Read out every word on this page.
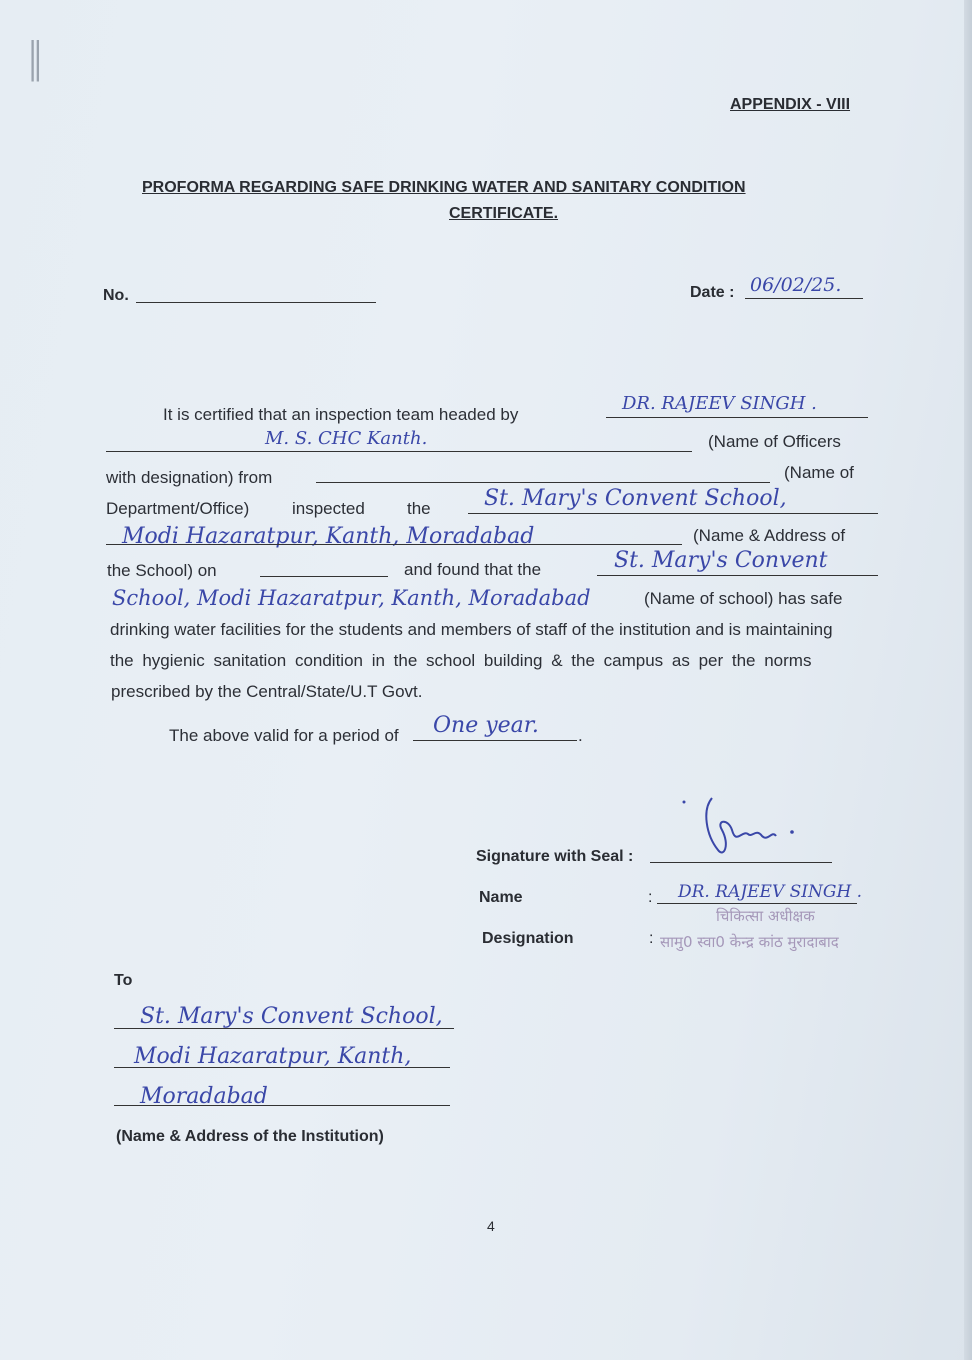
||
APPENDIX - VIII
PROFORMA REGARDING SAFE DRINKING WATER AND SANITARY CONDITION
CERTIFICATE.
No.	Date : 06/02/25.
It is certified that an inspection team headed by
DR. RAJEEV SINGH .
M. S. CHC Kanth.	(Name of Officers
with designation) from	(Name of
Department/Office)	inspected the St. Mary's Convent School,
Modi Hazaratpur, Kanth, Moradabad	(Name & Address of
the School) on	and found that the	St. Mary's Convent
School, Modi Hazaratpur, Kanth, Moradabad	(Name of school) has safe
drinking water facilities for the students and members of staff of the institution and is maintaining
the hygienic sanitation condition in the school building & the campus as per the norms
prescribed by the Central/State/U.T Govt.
The above valid for a period of One year. .
Signature with Seal :
Name	: DR. RAJEEV SINGH .
चिकित्सा अधीक्षक
Designation	: सामु0 स्वा0 केन्द्र कांठ मुरादाबाद
To
St. Mary's Convent School,
Modi Hazaratpur, Kanth,
Moradabad
(Name & Address of the Institution)
4
